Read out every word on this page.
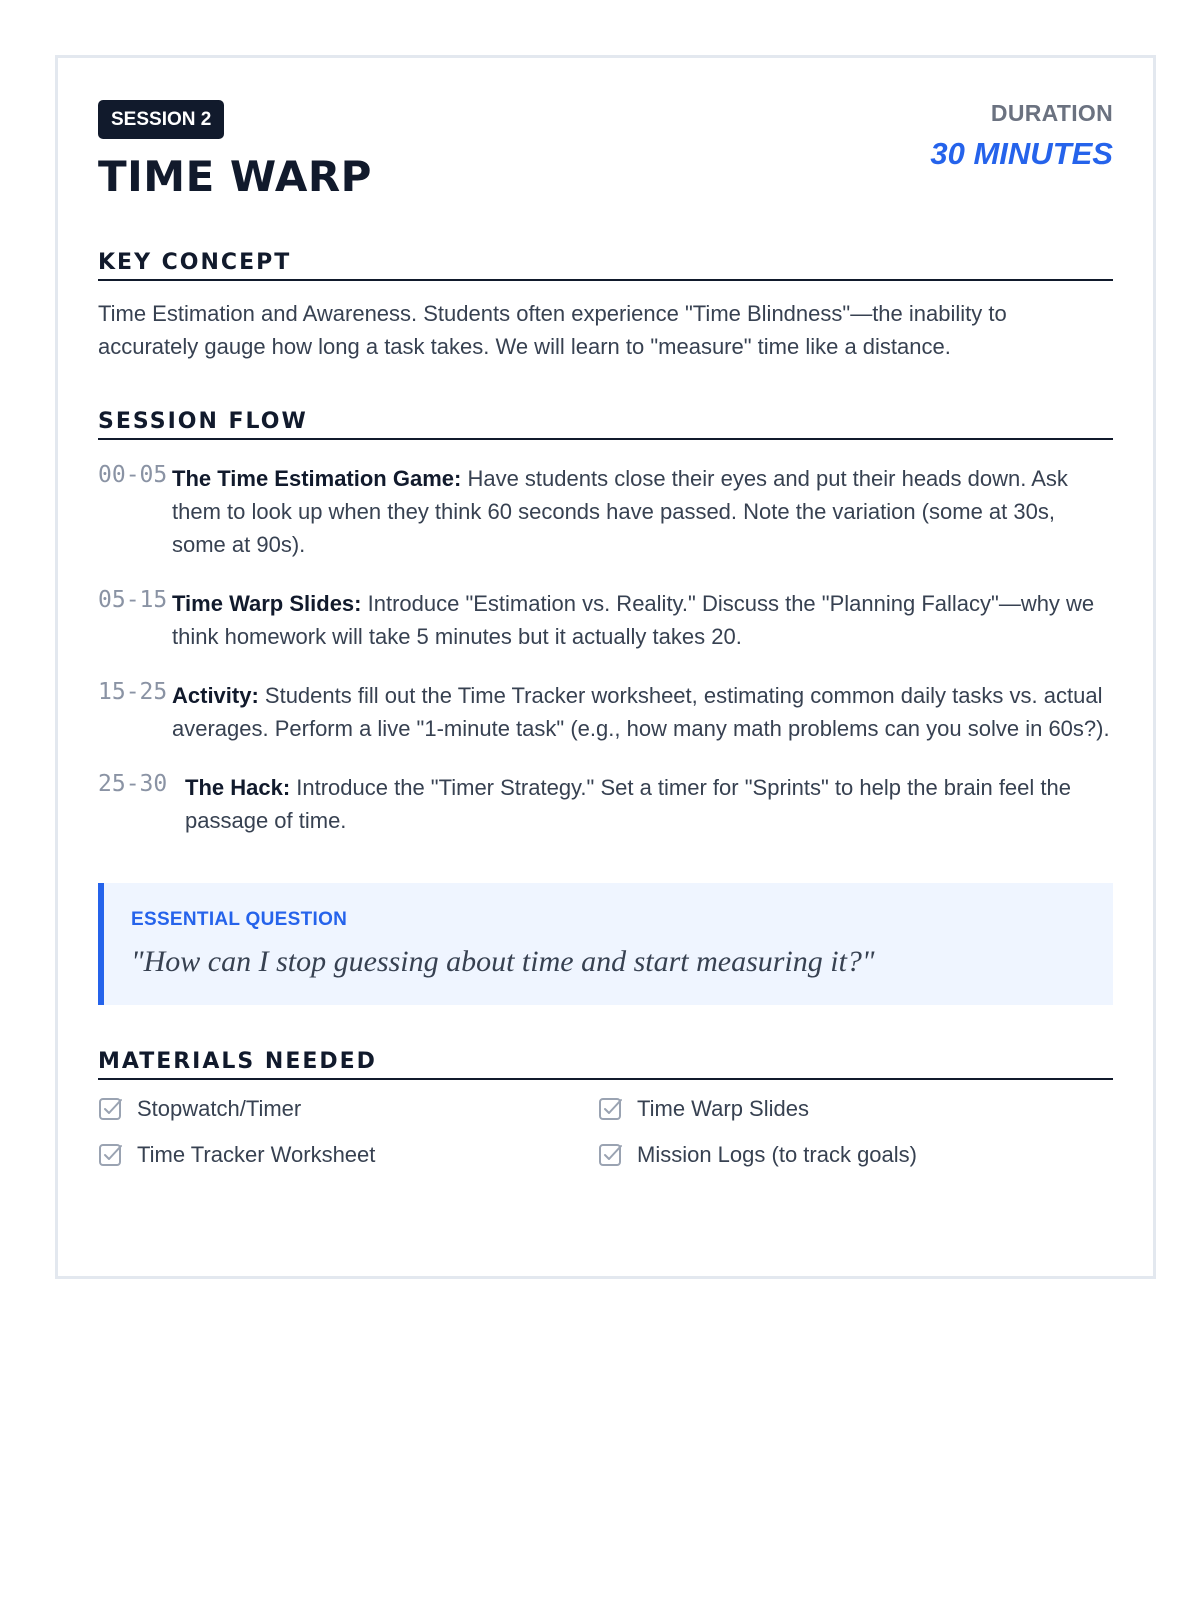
SESSION 2
TIME WARP
DURATION
30 MINUTES
KEY CONCEPT

Time Estimation and Awareness. Students often experience "Time Blindness"—the inability to accurately gauge how long a task takes. We will learn to "measure" time like a distance.

SESSION FLOW
00-05 The Time Estimation Game: Have students close their eyes and put their heads down. Ask them to look up when they think 60 seconds have passed. Note the variation (some at 30s, some at 90s).
05-15 Time Warp Slides: Introduce "Estimation vs. Reality." Discuss the "Planning Fallacy"—why we think homework will take 5 minutes but it actually takes 20.
15-25 Activity: Students fill out the Time Tracker worksheet, estimating common daily tasks vs. actual averages. Perform a live "1-minute task" (e.g., how many math problems can you solve in 60s?).
25-30 The Hack: Introduce the "Timer Strategy." Set a timer for "Sprints" to help the brain feel the passage of time.
ESSENTIAL QUESTION
"How can I stop guessing about time and start measuring it?"
MATERIALS NEEDED
Stopwatch/Timer	Time Warp Slides
Time Tracker Worksheet	Mission Logs (to track goals)
